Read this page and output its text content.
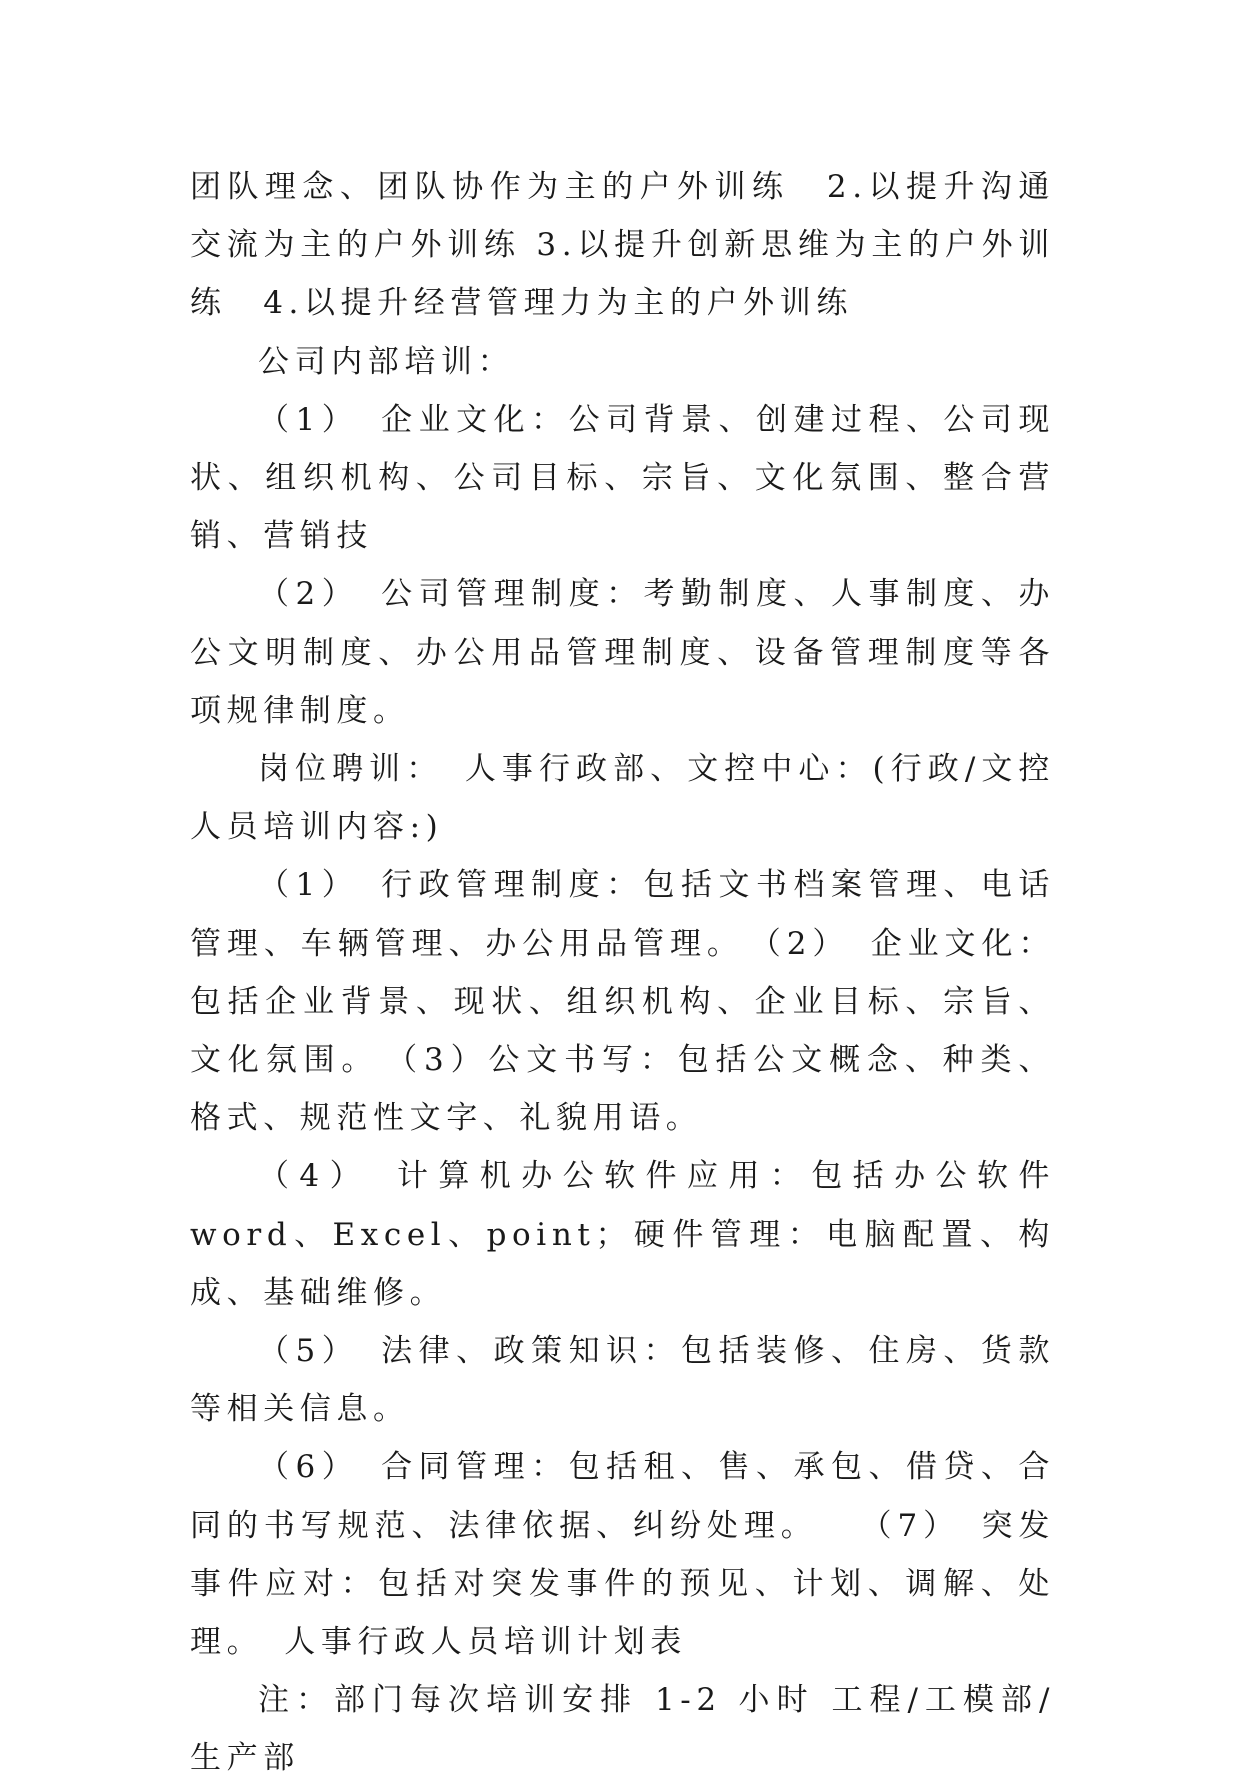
团队理念、团队协作为主的户外训练　2.以提升沟通交流为主的户外训练 3.以提升创新思维为主的户外训练　4.以提升经营管理力为主的户外训练

公司内部培训：

（1）　企业文化：公司背景、创建过程、公司现状、组织机构、公司目标、宗旨、文化氛围、整合营销、营销技

（2）　公司管理制度：考勤制度、人事制度、办公文明制度、办公用品管理制度、设备管理制度等各项规律制度。

岗位聘训：　人事行政部、文控中心：(行政/文控人员培训内容:)

（1）　行政管理制度：包括文书档案管理、电话管理、车辆管理、办公用品管理。　（2）　企业文化：包括企业背景、现状、组织机构、企业目标、宗旨、文化氛围。　（3）公文书写：包括公文概念、种类、格式、规范性文字、礼貌用语。

（4）　计算机办公软件应用：包括办公软件word、Excel、point；硬件管理：电脑配置、构成、基础维修。

（5）　法律、政策知识：包括装修、住房、货款等相关信息。

（6）　合同管理：包括租、售、承包、借贷、合同的书写规范、法律依据、纠纷处理。　　（7）　突发事件应对：包括对突发事件的预见、计划、调解、处理。　人事行政人员培训计划表

注：部门每次培训安排 1-2 小时 工程/工模部/生产部
